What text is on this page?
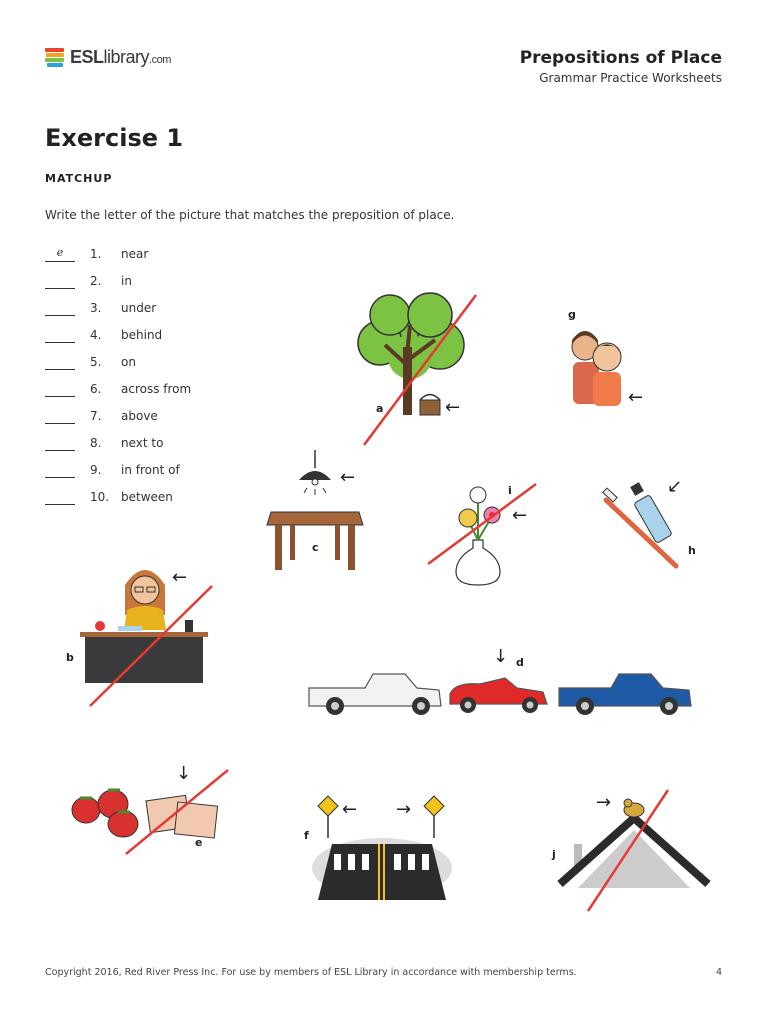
ESLlibrary.com	Prepositions of Place
Grammar Practice Worksheets
Exercise 1
MATCHUP
Write the letter of the picture that matches the preposition of place.
e	1. near
2. in
3. under
4. behind
5. on
6. across from
7. above
8. next to
9. in front of
10. between
a	←
g
←
←
c
i
←
↙
h
←
b	↓ d
↓
e
f
← →	→
j
Copyright 2016, Red River Press Inc. For use by members of ESL Library in accordance with membership terms.	4
